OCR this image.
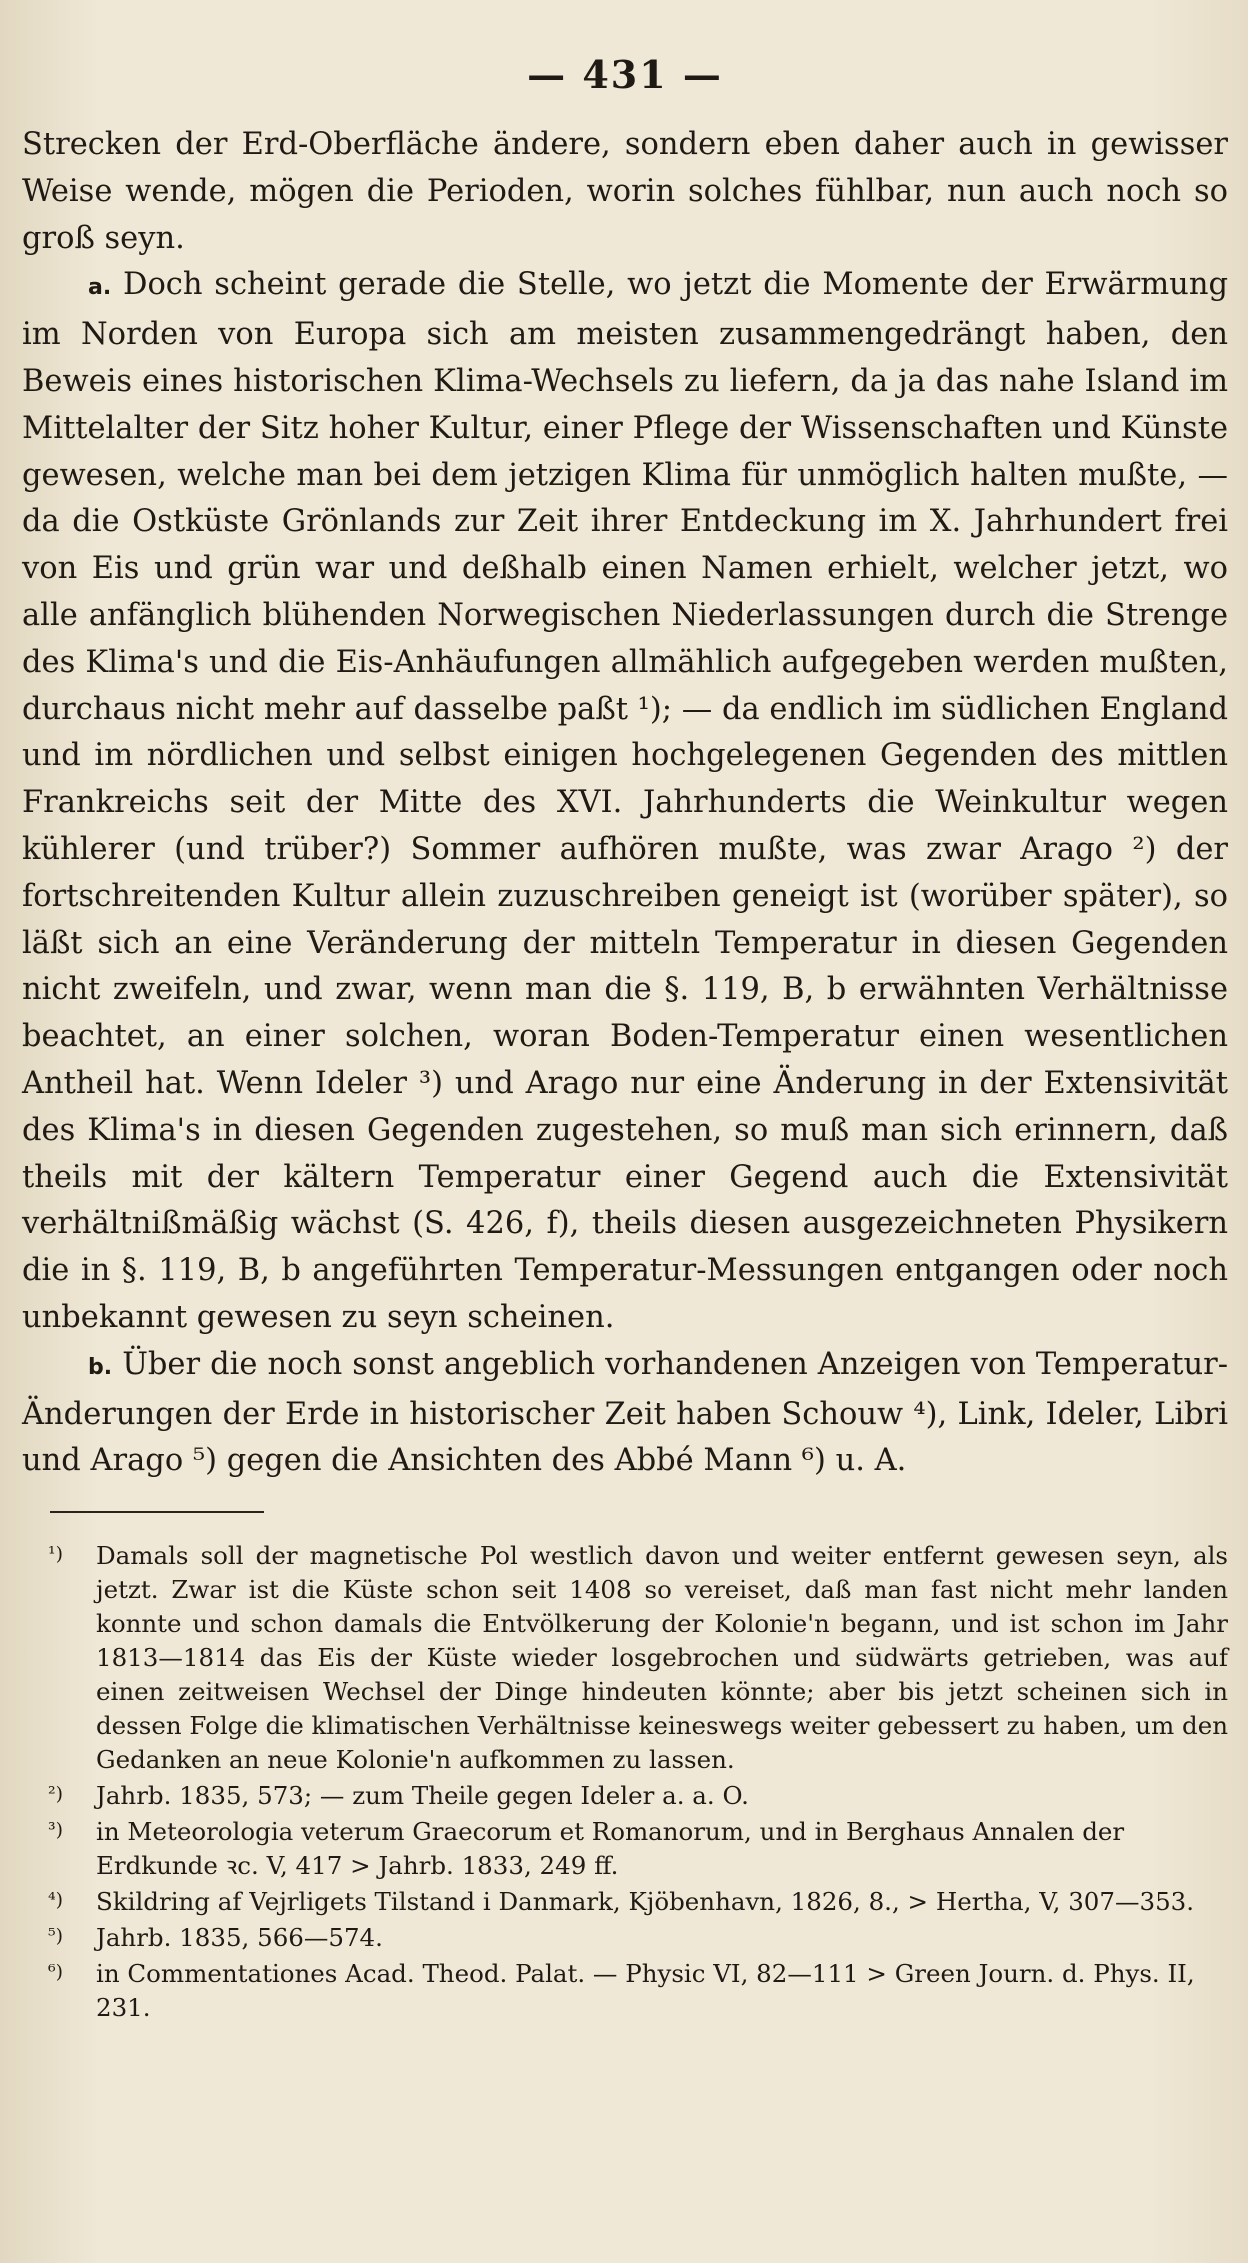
— 431 —

Strecken der Erd-Oberfläche ändere, sondern eben daher auch in gewisser Weise wende, mögen die Perioden, worin solches fühlbar, nun auch noch so groß seyn.

a. Doch scheint gerade die Stelle, wo jetzt die Momente der Erwärmung im Norden von Europa sich am meisten zusammengedrängt haben, den Beweis eines historischen Klima-Wechsels zu liefern, da ja das nahe Island im Mittelalter der Sitz hoher Kultur, einer Pflege der Wissenschaften und Künste gewesen, welche man bei dem jetzigen Klima für unmöglich halten mußte, — da die Ostküste Grönlands zur Zeit ihrer Entdeckung im X. Jahrhundert frei von Eis und grün war und deßhalb einen Namen erhielt, welcher jetzt, wo alle anfänglich blühenden Norwegischen Niederlassungen durch die Strenge des Klima's und die Eis-Anhäufungen allmählich aufgegeben werden mußten, durchaus nicht mehr auf dasselbe paßt ¹); — da endlich im südlichen England und im nördlichen und selbst einigen hochgelegenen Gegenden des mittlen Frankreichs seit der Mitte des XVI. Jahrhunderts die Weinkultur wegen kühlerer (und trüber?) Sommer aufhören mußte, was zwar Arago ²) der fortschreitenden Kultur allein zuzuschreiben geneigt ist (worüber später), so läßt sich an eine Veränderung der mitteln Temperatur in diesen Gegenden nicht zweifeln, und zwar, wenn man die §. 119, B, b erwähnten Verhältnisse beachtet, an einer solchen, woran Boden-Temperatur einen wesentlichen Antheil hat. Wenn Ideler ³) und Arago nur eine Änderung in der Extensivität des Klima's in diesen Gegenden zugestehen, so muß man sich erinnern, daß theils mit der kältern Temperatur einer Gegend auch die Extensivität verhältnißmäßig wächst (S. 426, f), theils diesen ausgezeichneten Physikern die in §. 119, B, b angeführten Temperatur-Messungen entgangen oder noch unbekannt gewesen zu seyn scheinen.

b. Über die noch sonst angeblich vorhandenen Anzeigen von Temperatur-Änderungen der Erde in historischer Zeit haben Schouw ⁴), Link, Ideler, Libri und Arago ⁵) gegen die Ansichten des Abbé Mann ⁶) u. A.

¹)	Damals soll der magnetische Pol westlich davon und weiter entfernt gewesen seyn, als jetzt. Zwar ist die Küste schon seit 1408 so vereiset, daß man fast nicht mehr landen konnte und schon damals die Entvölkerung der Kolonie'n begann, und ist schon im Jahr 1813—1814 das Eis der Küste wieder losgebrochen und südwärts getrieben, was auf einen zeitweisen Wechsel der Dinge hindeuten könnte; aber bis jetzt scheinen sich in dessen Folge die klimatischen Verhältnisse keineswegs weiter gebessert zu haben, um den Gedanken an neue Kolonie'n aufkommen zu lassen.
²)	Jahrb. 1835, 573; — zum Theile gegen Ideler a. a. O.
³)	in Meteorologia veterum Graecorum et Romanorum, und in Berghaus Annalen der Erdkunde ꝛc. V, 417 > Jahrb. 1833, 249 ff.
⁴)	Skildring af Vejrligets Tilstand i Danmark, Kjöbenhavn, 1826, 8., > Hertha, V, 307—353.
⁵)	Jahrb. 1835, 566—574.
⁶)	in Commentationes Acad. Theod. Palat. — Physic VI, 82—111 > Green Journ. d. Phys. II, 231.
